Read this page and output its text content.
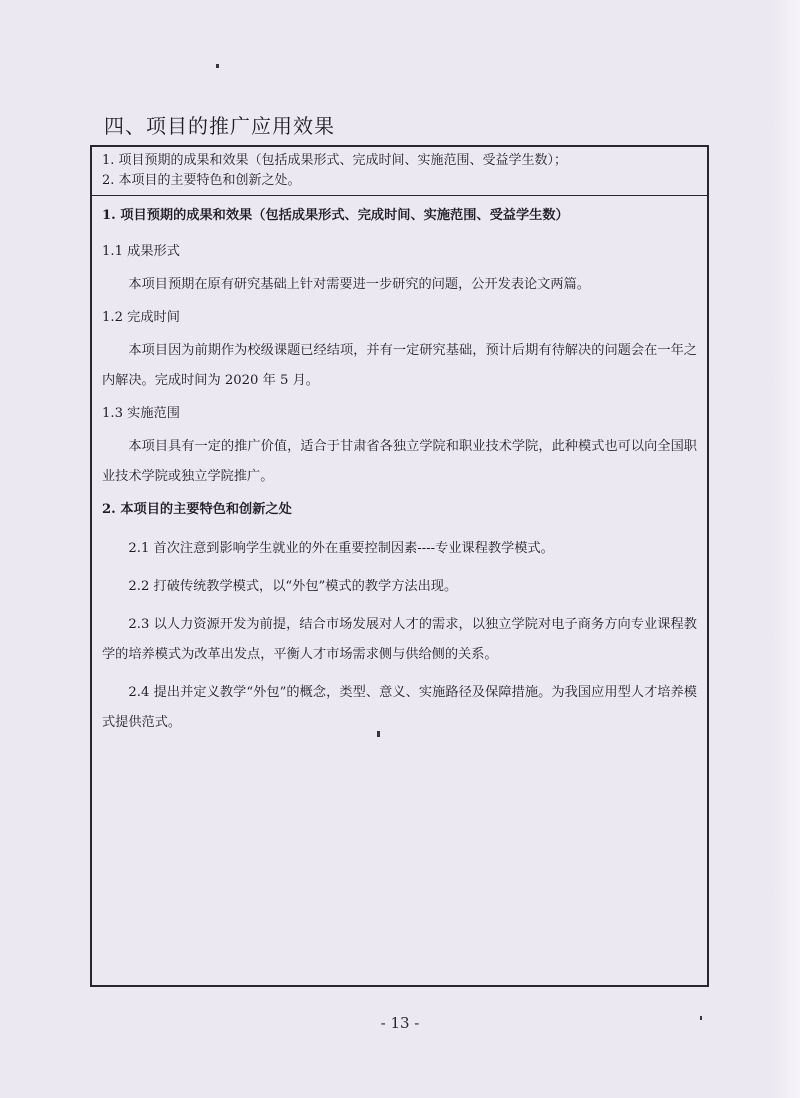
四、项目的推广应用效果
1. 项目预期的成果和效果（包括成果形式、完成时间、实施范围、受益学生数）；
2. 本项目的主要特色和创新之处。
1. 项目预期的成果和效果（包括成果形式、完成时间、实施范围、受益学生数）
1.1 成果形式
本项目预期在原有研究基础上针对需要进一步研究的问题，公开发表论文两篇。
1.2 完成时间
本项目因为前期作为校级课题已经结项，并有一定研究基础，预计后期有待解决的问题会在一年之内解决。完成时间为 2020 年 5 月。
1.3 实施范围
本项目具有一定的推广价值，适合于甘肃省各独立学院和职业技术学院，此种模式也可以向全国职业技术学院或独立学院推广。
2. 本项目的主要特色和创新之处
2.1 首次注意到影响学生就业的外在重要控制因素----专业课程教学模式。
2.2 打破传统教学模式，以“外包”模式的教学方法出现。
2.3 以人力资源开发为前提，结合市场发展对人才的需求，以独立学院对电子商务方向专业课程教学的培养模式为改革出发点，平衡人才市场需求侧与供给侧的关系。
2.4 提出并定义教学“外包”的概念，类型、意义、实施路径及保障措施。为我国应用型人才培养模式提供范式。
- 13 -
